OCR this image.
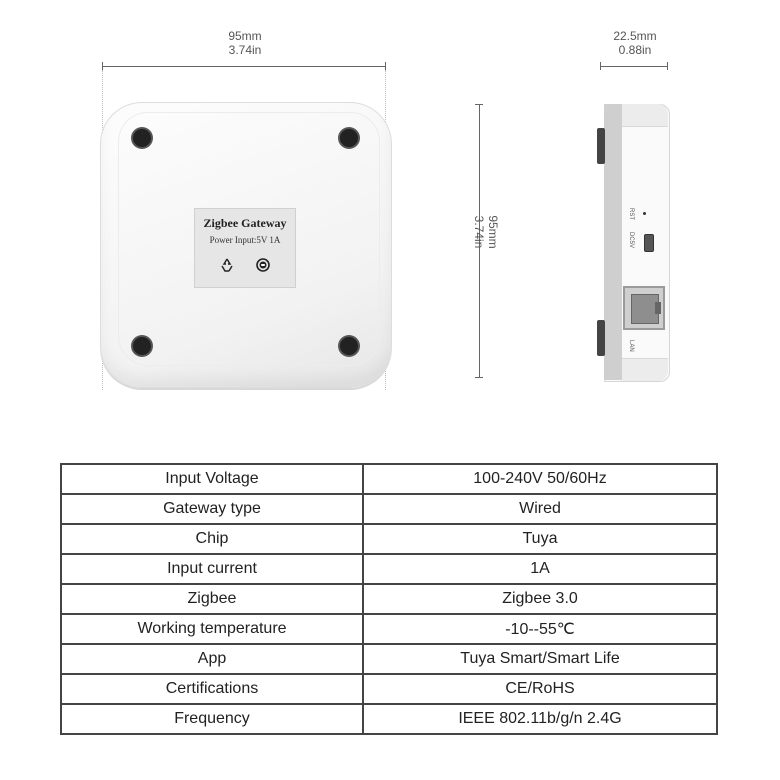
95mm
3.74in
Zigbee Gateway
Power Input:5V 1A	95mm
3.74in
22.5mm
0.88in
RST
DC5V
LAN
Input Voltage	100-240V 50/60Hz
Gateway type	Wired
Chip	Tuya
Input current	1A
Zigbee	Zigbee 3.0
Working temperature	-10--55℃
App	Tuya Smart/Smart Life
Certifications	CE/RoHS
Frequency	IEEE 802.11b/g/n 2.4G
